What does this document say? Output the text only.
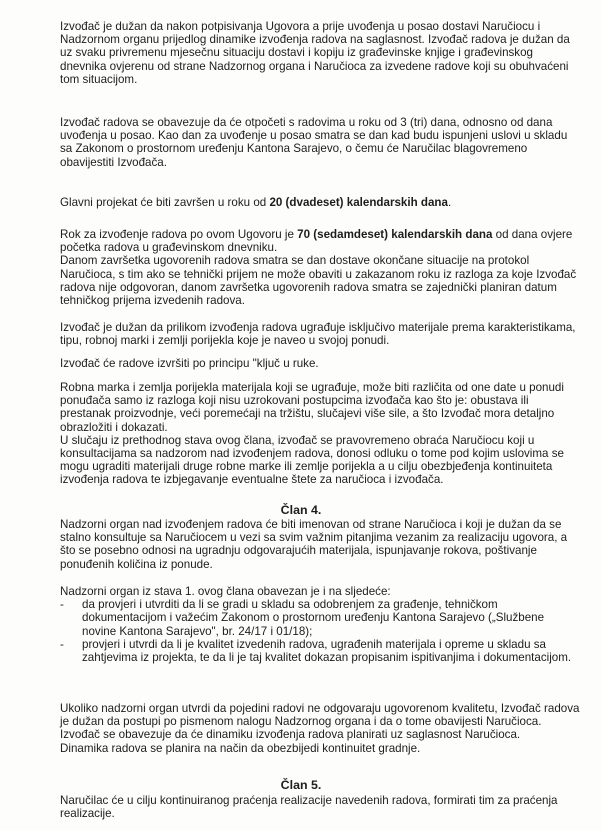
Izvođač je dužan da nakon potpisivanja Ugovora a prije uvođenja u posao dostavi Naručiocu i Nadzornom organu prijedlog dinamike izvođenja radova na saglasnost. Izvođač radova je dužan da uz svaku privremenu mjesečnu situaciju dostavi i kopiju iz građevinske knjige i građevinskog dnevnika ovjerenu od strane Nadzornog organa i Naručioca za izvedene radove koji su obuhvaćeni tom situacijom.

Izvođač radova se obavezuje da će otpočeti s radovima u roku od 3 (tri) dana, odnosno od dana uvođenja u posao. Kao dan za uvođenje u posao smatra se dan kad budu ispunjeni uslovi u skladu sa Zakonom o prostornom uređenju Kantona Sarajevo, o čemu će Naručilac blagovremeno obavijestiti Izvođača.

Glavni projekat će biti završen u roku od 20 (dvadeset) kalendarskih dana.

Rok za izvođenje radova po ovom Ugovoru je 70 (sedamdeset) kalendarskih dana od dana ovjere početka radova u građevinskom dnevniku.

Danom završetka ugovorenih radova smatra se dan dostave okončane situacije na protokol Naručioca, s tim ako se tehnički prijem ne može obaviti u zakazanom roku iz razloga za koje Izvođač radova nije odgovoran, danom završetka ugovorenih radova smatra se zajednički planiran datum tehničkog prijema izvedenih radova.

Izvođač je dužan da prilikom izvođenja radova ugrađuje isključivo materijale prema karakteristikama, tipu, robnoj marki i zemlji porijekla koje je naveo u svojoj ponudi.

Izvođač će radove izvršiti po principu "ključ u ruke.

Robna marka i zemlja porijekla materijala koji se ugrađuje, može biti različita od one date u ponudi ponuđača samo iz razloga koji nisu uzrokovani postupcima izvođača kao što je: obustava ili prestanak proizvodnje, veći poremećaji na tržištu, slučajevi više sile, a što Izvođač mora detaljno obrazložiti i dokazati.

U slučaju iz prethodnog stava ovog člana, izvođač se pravovremeno obraća Naručiocu koji u konsultacijama sa nadzorom nad izvođenjem radova, donosi odluku o tome pod kojim uslovima se mogu ugraditi materijali druge robne marke ili zemlje porijekla a u cilju obezbjeđenja kontinuiteta izvođenja radova te izbjegavanje eventualne štete za naručioca i izvođača.

Član 4.

Nadzorni organ nad izvođenjem radova će biti imenovan od strane Naručioca i koji je dužan da se stalno konsultuje sa Naručiocem u vezi sa svim važnim pitanjima vezanim za realizaciju ugovora, a što se posebno odnosi na ugradnju odgovarajućih materijala, ispunjavanje rokova, poštivanje ponuđenih količina iz ponude.

Nadzorni organ iz stava 1. ovog člana obavezan je i na sljedeće:

-	da provjeri i utvrditi da li se gradi u skladu sa odobrenjem za građenje, tehničkom dokumentacijom i važećim Zakonom o prostornom uređenju Kantona Sarajevo („Službene novine Kantona Sarajevo", br. 24/17 i 01/18);
-	provjeri i utvrdi da li je kvalitet izvedenih radova, ugrađenih materijala i opreme u skladu sa zahtjevima iz projekta, te da li je taj kvalitet dokazan propisanim ispitivanjima i dokumentacijom.

Ukoliko nadzorni organ utvrdi da pojedini radovi ne odgovaraju ugovorenom kvalitetu, Izvođač radova je dužan da postupi po pismenom nalogu Nadzornog organa i da o tome obavijesti Naručioca.

Izvođač se obavezuje da će dinamiku izvođenja radova planirati uz saglasnost Naručioca.

Dinamika radova se planira na način da obezbijedi kontinuitet gradnje.

Član 5.

Naručilac će u cilju kontinuiranog praćenja realizacije navedenih radova, formirati tim za praćenja realizacije.
